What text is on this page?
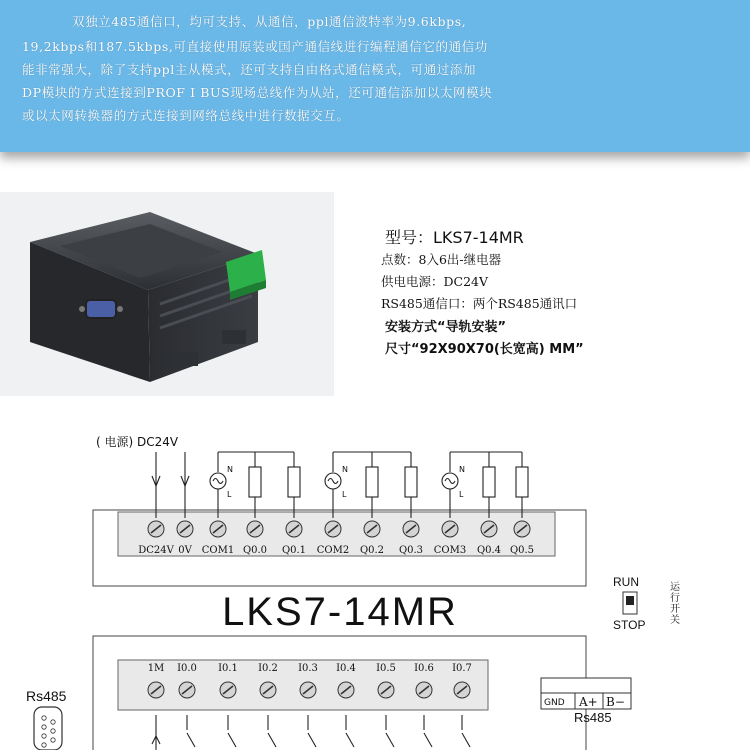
双独立485通信口，均可支持、从通信，ppl通信波特率为9.6kbps,
19,2kbps和187.5kbps,可直接使用原装或国产通信线进行编程通信它的通信功
能非常强大，除了支持ppl主从模式，还可支持自由格式通信模式，可通过添加
DP模块的方式连接到PROF I BUS现场总线作为从站，还可通信添加以太网模块
或以太网转换器的方式连接到网络总线中进行数据交互。
型号：LKS7-14MR
点数：8入6出-继电器
供电电源：DC24V
RS485通信口：两个RS485通讯口
安装方式“导轨安装”
尺寸“92X90X70(长宽高) MM”
( 电源) DC24V
N
L
N
L
N
L
DC24V 0V COM1 Q0.0 Q0.1 COM2 Q0.2 Q0.3 COM3 Q0.4 Q0.5
LKS7-14MR
RUN
STOP
运
行
开
关
1M I0.0 I0.1 I0.2 I0.3 I0.4 I0.5 I0.6 I0.7
Rs485	GND A+ B−
Rs485
